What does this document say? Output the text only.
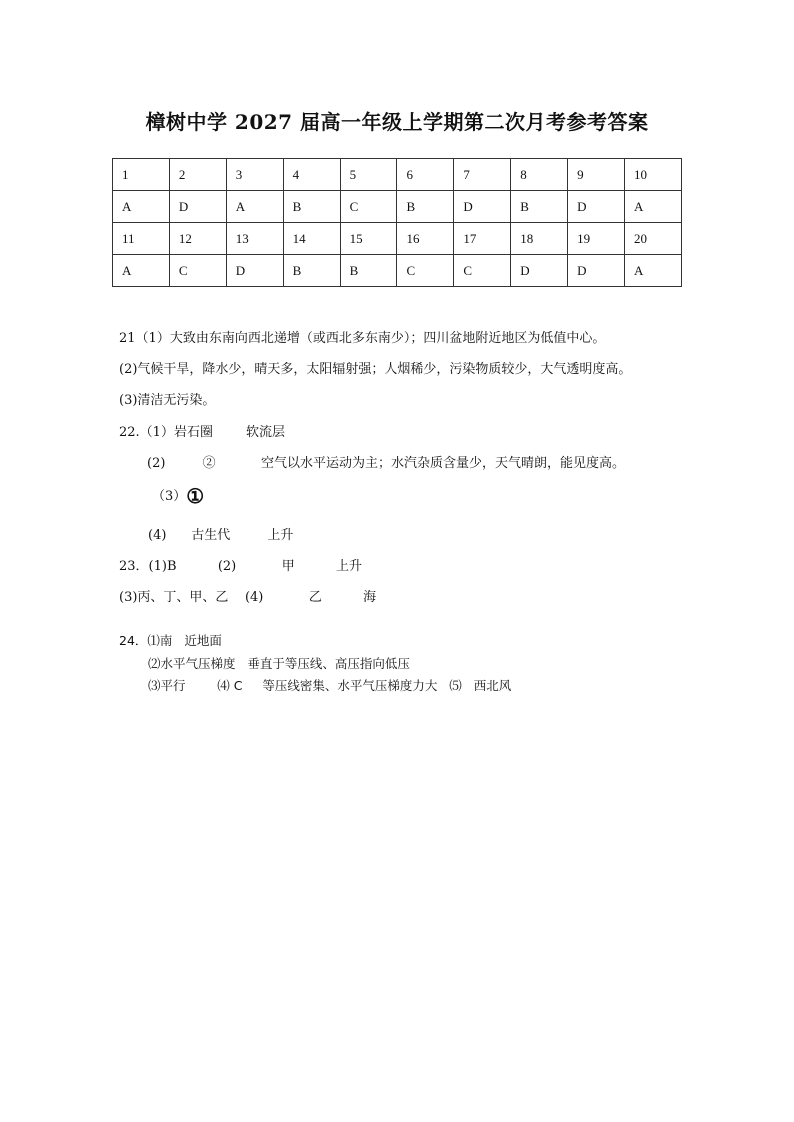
樟树中学 2027 届高一年级上学期第二次月考参考答案
1	2	3	4	5	6	7	8	9	10
A	D	A	B	C	B	D	B	D	A
11	12	13	14	15	16	17	18	19	20
A	C	D	B	B	C	C	D	D	A
21（1）大致由东南向西北递增（或西北多东南少）；四川盆地附近地区为低值中心。
(2)气候干旱，降水少，晴天多，太阳辐射强；人烟稀少，污染物质较少，大气透明度高。
(3)清洁无污染。
22.（1）岩石圈        软流层
(2)         ②           空气以水平运动为主；水汽杂质含量少，天气晴朗，能见度高。
（3）①
(4)      古生代         上升
23．(1)B          (2)           甲          上升
(3)丙、丁、甲、乙    (4)           乙          海
24．⑴南   近地面
⑵水平气压梯度   垂直于等压线、高压指向低压
⑶平行        ⑷ C     等压线密集、水平气压梯度力大   ⑸   西北风
